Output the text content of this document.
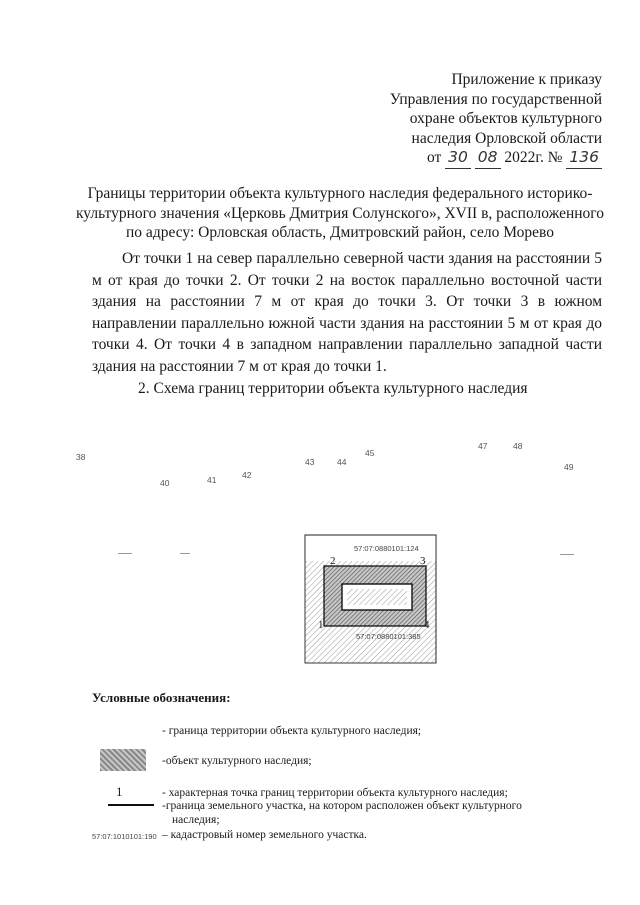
Приложение к приказу
Управления по государственной
охране объектов культурного
наследия Орловской области
от 30 08 2022г. № 136
Границы территории объекта культурного наследия федерального историко-культурного значения «Церковь Дмитрия Солунского», XVII в, расположенного по адресу: Орловская область, Дмитровский район, село Морево
От точки 1 на север параллельно северной части здания на расстоянии 5 м от края до точки 2. От точки 2 на восток параллельно восточной части здания на расстоянии 7 м от края до точки 3. От точки 3 в южном направлении параллельно южной части здания на расстоянии 5 м от края до точки 4. От точки 4 в западном направлении параллельно западной части здания на расстоянии 7 м от края до точки 1.
2. Схема границ территории объекта культурного наследия
38
40	41	42
43	44
45
47	48
49
2	3
1	4
57:07:0880101:124
57:07:0880101:385
Условные обозначения:
- граница территории объекта культурного наследия;
-объект культурного наследия;
1	- характерная точка границ территории объекта культурного наследия;
-граница земельного участка, на котором расположен объект культурного
наследия;
57:07:1010101:190 – кадастровый номер земельного участка.
